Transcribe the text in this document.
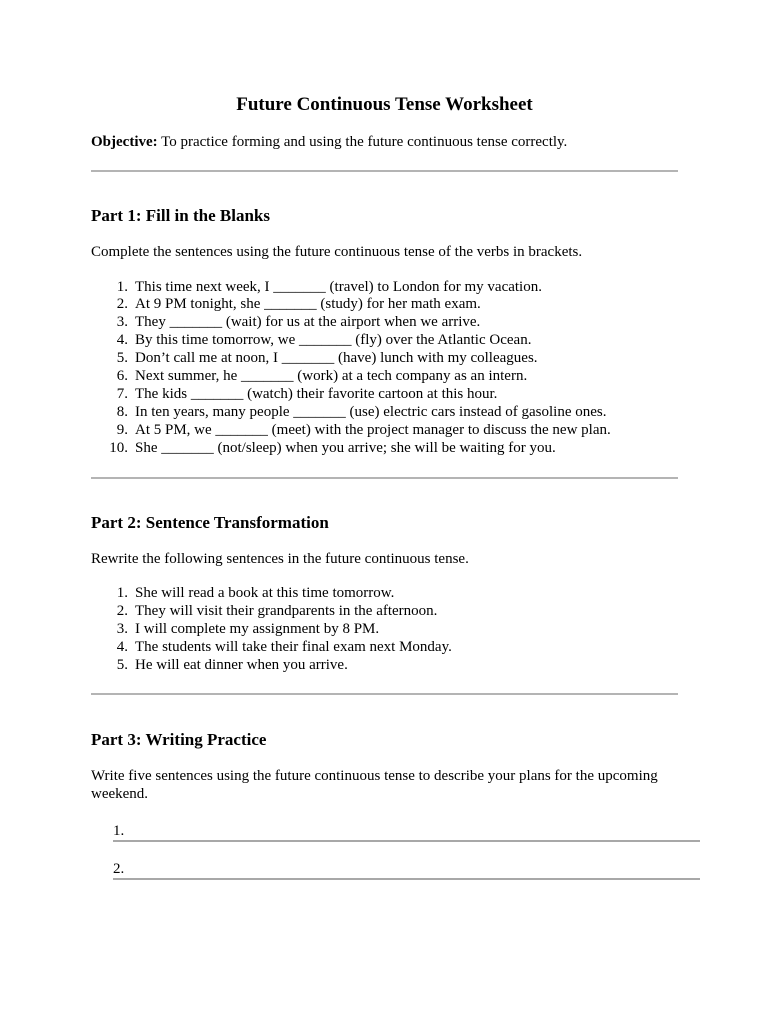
Future Continuous Tense Worksheet

Objective: To practice forming and using the future continuous tense correctly.

Part 1: Fill in the Blanks

Complete the sentences using the future continuous tense of the verbs in brackets.

1. This time next week, I _______ (travel) to London for my vacation.
2. At 9 PM tonight, she _______ (study) for her math exam.
3. They _______ (wait) for us at the airport when we arrive.
4. By this time tomorrow, we _______ (fly) over the Atlantic Ocean.
5. Don’t call me at noon, I _______ (have) lunch with my colleagues.
6. Next summer, he _______ (work) at a tech company as an intern.
7. The kids _______ (watch) their favorite cartoon at this hour.
8. In ten years, many people _______ (use) electric cars instead of gasoline ones.
9. At 5 PM, we _______ (meet) with the project manager to discuss the new plan.
10. She _______ (not/sleep) when you arrive; she will be waiting for you.
Part 2: Sentence Transformation

Rewrite the following sentences in the future continuous tense.

1. She will read a book at this time tomorrow.
2. They will visit their grandparents in the afternoon.
3. I will complete my assignment by 8 PM.
4. The students will take their final exam next Monday.
5. He will eat dinner when you arrive.
Part 3: Writing Practice

Write five sentences using the future continuous tense to describe your plans for the upcoming weekend.

1.
2.
